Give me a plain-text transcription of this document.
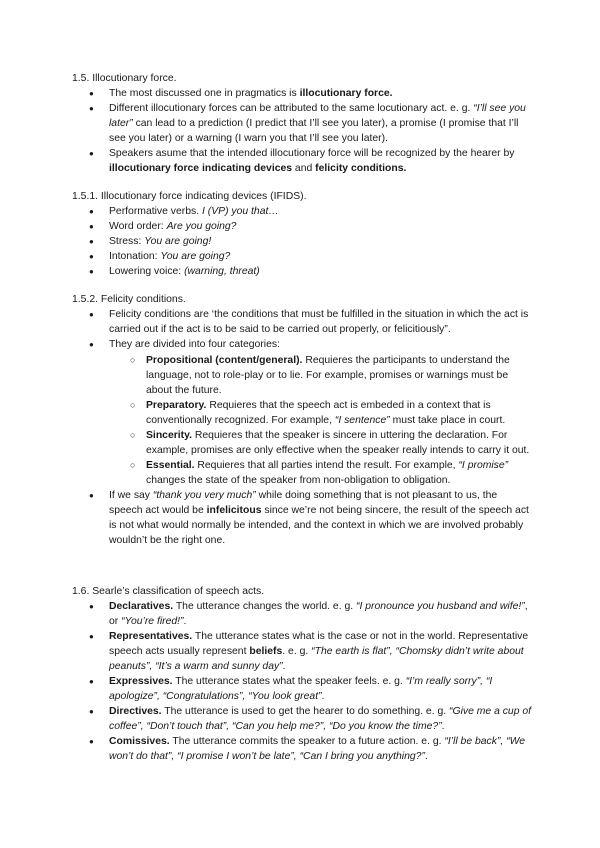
1.5. Illocutionary force.

● The most discussed one in pragmatics is illocutionary force.
● Different illocutionary forces can be attributed to the same locutionary act. e. g. “I’ll see you later” can lead to a prediction (I predict that I’ll see you later), a promise (I promise that I’ll see you later) or a warning (I warn you that I’ll see you later).
● Speakers asume that the intended illocutionary force will be recognized by the hearer by illocutionary force indicating devices and felicity conditions.

1.5.1. Illocutionary force indicating devices (IFIDS).

● Performative verbs. I (VP) you that…
● Word order: Are you going?
● Stress: You are going!
● Intonation: You are going?
● Lowering voice: (warning, threat)

1.5.2. Felicity conditions.

● Felicity conditions are ‘the conditions that must be fulfilled in the situation in which the act is carried out if the act is to be said to be carried out properly, or felicitiously”.
● They are divided into four categories:
○ Propositional (content/general). Requieres the participants to understand the language, not to role-play or to lie. For example, promises or warnings must be about the future.
○ Preparatory. Requieres that the speech act is embeded in a context that is conventionally recognized. For example, “I sentence” must take place in court.
○ Sincerity. Requieres that the speaker is sincere in uttering the declaration. For example, promises are only effective when the speaker really intends to carry it out.
○ Essential. Requieres that all parties intend the result. For example, “I promise” changes the state of the speaker from non-obligation to obligation.
● If we say “thank you very much” while doing something that is not pleasant to us, the speech act would be infelicitous since we’re not being sincere, the result of the speech act is not what would normally be intended, and the context in which we are involved probably wouldn’t be the right one.

1.6. Searle’s classification of speech acts.

● Declaratives. The utterance changes the world. e. g. “I pronounce you husband and wife!”, or “You’re fired!”.
● Representatives. The utterance states what is the case or not in the world. Representative speech acts usually represent beliefs. e. g. “The earth is flat”, “Chomsky didn’t write about peanuts”, “It’s a warm and sunny day”.
● Expressives. The utterance states what the speaker feels. e. g. “I’m really sorry”, “I apologize”, “Congratulations”, “You look great”.
● Directives. The utterance is used to get the hearer to do something. e. g. “Give me a cup of coffee”, “Don’t touch that”, “Can you help me?”, “Do you know the time?”.
● Comissives. The utterance commits the speaker to a future action. e. g. “I’ll be back”, “We won’t do that”, “I promise I won’t be late”, “Can I bring you anything?”.
